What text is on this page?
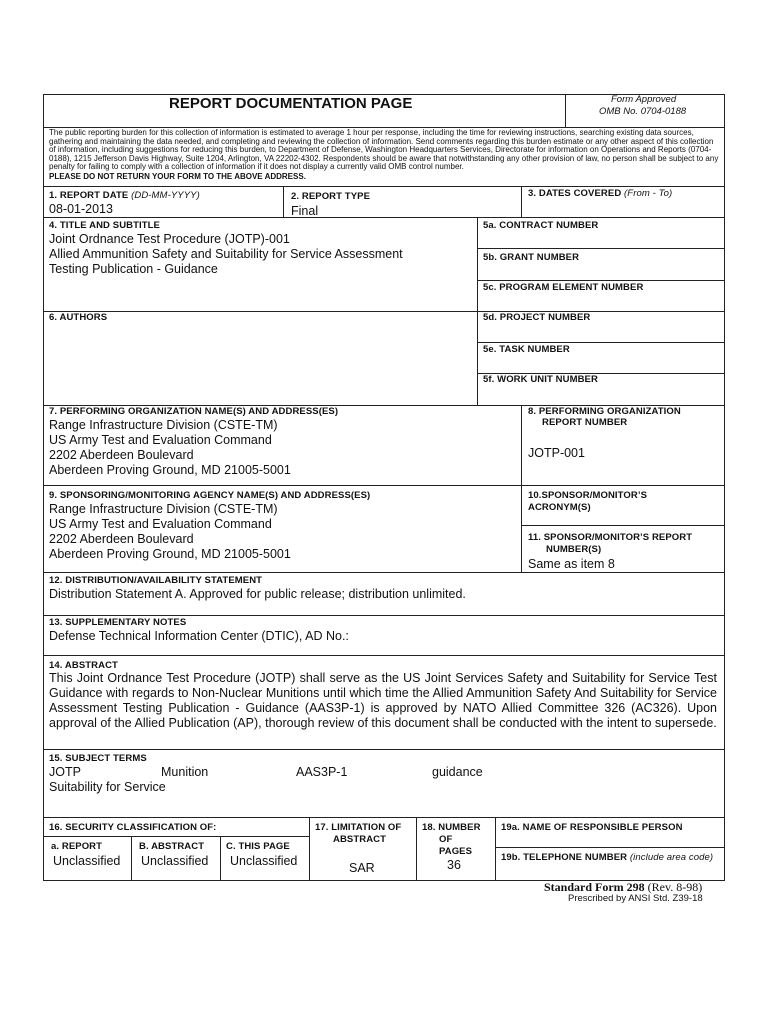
REPORT DOCUMENTATION PAGE	Form Approved
OMB No. 0704-0188
The public reporting burden for this collection of information is estimated to average 1 hour per response, including the time for reviewing instructions, searching existing data sources, gathering and maintaining the data needed, and completing and reviewing the collection of information. Send comments regarding this burden estimate or any other aspect of this collection of information, including suggestions for reducing this burden, to Department of Defense, Washington Headquarters Services, Directorate for information on Operations and Reports (0704-0188), 1215 Jefferson Davis Highway, Suite 1204, Arlington, VA 22202-4302. Respondents should be aware that notwithstanding any other provision of law, no person shall be subject to any penalty for failing to comply with a collection of information if it does not display a currently valid OMB control number.
PLEASE DO NOT RETURN YOUR FORM TO THE ABOVE ADDRESS.
1. REPORT DATE (DD-MM-YYYY)
08-01-2013
2. REPORT TYPE
Final
3. DATES COVERED (From - To)
4. TITLE AND SUBTITLE
Joint Ordnance Test Procedure (JOTP)-001
Allied Ammunition Safety and Suitability for Service Assessment
Testing Publication - Guidance
5a. CONTRACT NUMBER
5b. GRANT NUMBER
5c. PROGRAM ELEMENT NUMBER
6. AUTHORS	5d. PROJECT NUMBER
5e. TASK NUMBER
5f. WORK UNIT NUMBER
7. PERFORMING ORGANIZATION NAME(S) AND ADDRESS(ES)
Range Infrastructure Division (CSTE-TM)
US Army Test and Evaluation Command
2202 Aberdeen Boulevard
Aberdeen Proving Ground, MD 21005-5001
8. PERFORMING ORGANIZATION
REPORT NUMBER
JOTP-001
9. SPONSORING/MONITORING AGENCY NAME(S) AND ADDRESS(ES)
Range Infrastructure Division (CSTE-TM)
US Army Test and Evaluation Command
2202 Aberdeen Boulevard
Aberdeen Proving Ground, MD 21005-5001
10.SPONSOR/MONITOR’S
ACRONYM(S)
11. SPONSOR/MONITOR’S REPORT
NUMBER(S)
Same as item 8
12. DISTRIBUTION/AVAILABILITY STATEMENT
Distribution Statement A. Approved for public release; distribution unlimited.
13. SUPPLEMENTARY NOTES
Defense Technical Information Center (DTIC), AD No.:
14. ABSTRACT
This Joint Ordnance Test Procedure (JOTP) shall serve as the US Joint Services Safety and Suitability for Service Test Guidance with regards to Non-Nuclear Munitions until which time the Allied Ammunition Safety And Suitability for Service Assessment Testing Publication - Guidance (AAS3P-1) is approved by NATO Allied Committee 326 (AC326). Upon approval of the Allied Publication (AP), thorough review of this document shall be conducted with the intent to supersede.
15. SUBJECT TERMS
JOTP	Munition	AAS3P-1	guidance
Suitability for Service
16. SECURITY CLASSIFICATION OF:
a. REPORT
Unclassified
B. ABSTRACT
Unclassified
C. THIS PAGE
Unclassified
17. LIMITATION OF
ABSTRACT
SAR
18. NUMBER
OF
PAGES
36
19a. NAME OF RESPONSIBLE PERSON
19b. TELEPHONE NUMBER (include area code)
Standard Form 298 (Rev. 8-98)
Prescribed by ANSI Std. Z39-18
